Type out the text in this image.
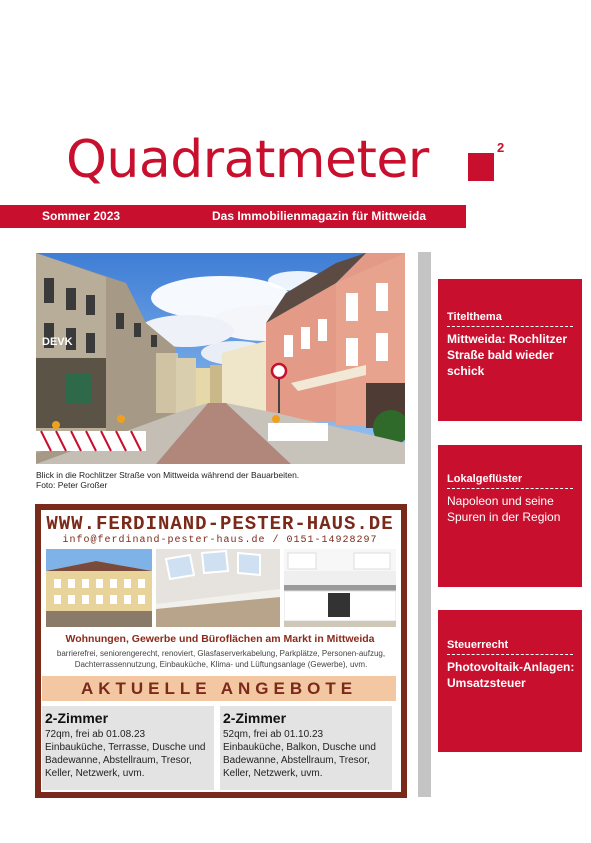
Quadratmeter	2
Sommer 2023	Das Immobilienmagazin für Mittweida
DEVK
Blick in die Rochlitzer Straße von Mittweida während der Bauarbeiten.
Foto: Peter Großer
WWW.FERDINAND-PESTER-HAUS.DE
info@ferdinand-pester-haus.de / 0151-14928297
Wohnungen, Gewerbe und Büroflächen am Markt in Mittweida
barrierefrei, seniorengerecht, renoviert, Glasfaserverkabelung, Parkplätze, Personen-aufzug, Dachterrassennutzung, Einbauküche, Klima- und Lüftungsanlage (Gewerbe), uvm.
AKTUELLE ANGEBOTE
2-Zimmer
72qm, frei ab 01.08.23
Einbauküche, Terrasse, Dusche und Badewanne, Abstellraum, Tresor, Keller, Netzwerk, uvm.
2-Zimmer
52qm, frei ab 01.10.23
Einbauküche, Balkon, Dusche und Badewanne, Abstellraum, Tresor, Keller, Netzwerk, uvm.
Titelthema
Mittweida: Rochlitzer Straße bald wieder schick
Lokalgeflüster
Napoleon und seine Spuren in der Region
Steuerrecht
Photovoltaik-Anlagen: Umsatzsteuer
